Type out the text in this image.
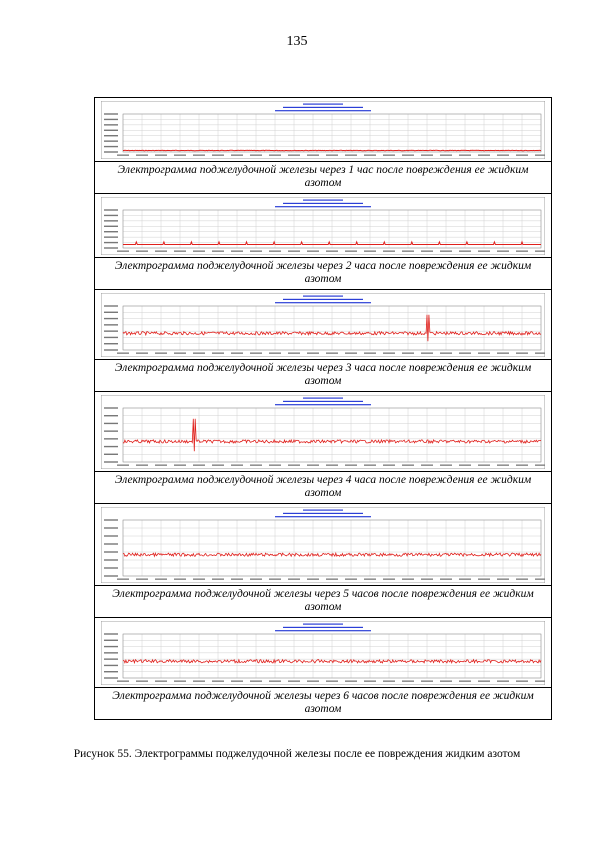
135
Электрограмма поджелудочной железы через 1 час после повреждения ее жидким азотом
Электрограмма поджелудочной железы через 2 часа после повреждения ее жидким азотом
Электрограмма поджелудочной железы через 3 часа после повреждения ее жидким азотом
Электрограмма поджелудочной железы через 4 часа после повреждения ее жидким азотом
Электрограмма поджелудочной железы через 5 часов после повреждения ее жидким азотом
Электрограмма поджелудочной железы через 6 часов после повреждения ее жидким азотом
Рисунок 55. Электрограммы поджелудочной железы после ее повреждения жидким азотом
